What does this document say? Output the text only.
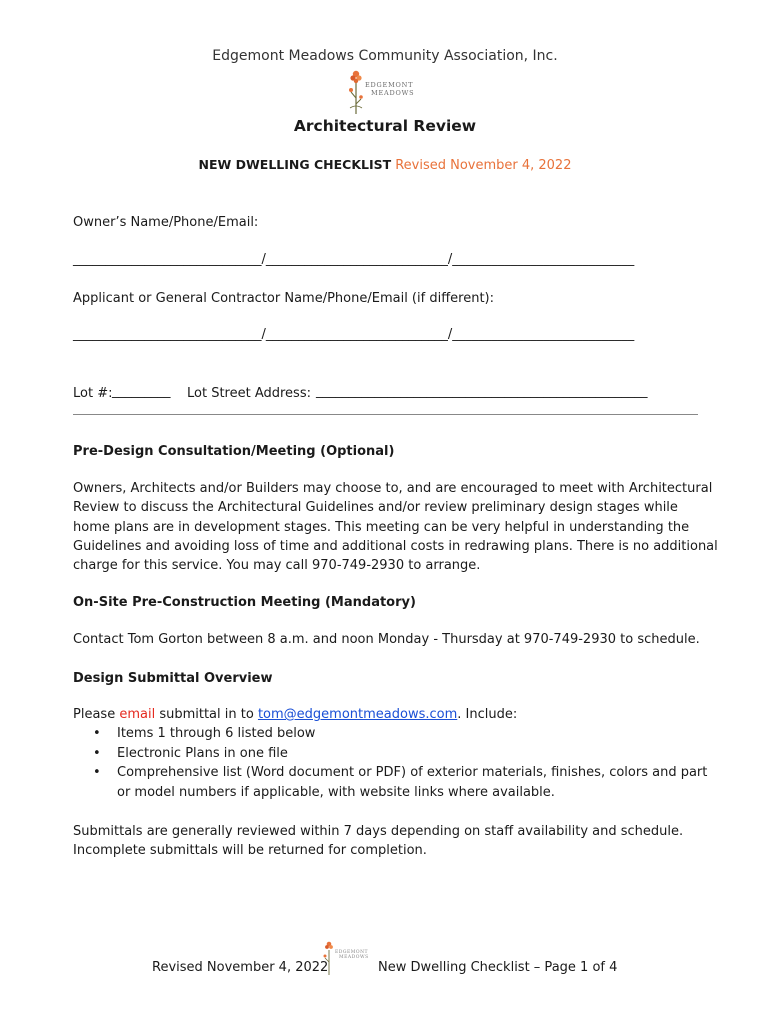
Edgemont Meadows Community Association, Inc.
EDGEMONT
MEADOWS
Architectural Review
NEW DWELLING CHECKLIST Revised November 4, 2022
Owner’s Name/Phone/Email:
_____________________________/____________________________/____________________________
Applicant or General Contractor Name/Phone/Email (if different):
_____________________________/____________________________/____________________________
Lot #: _________ Lot Street Address: ___________________________________________________
Pre-Design Consultation/Meeting (Optional)
Owners, Architects and/or Builders may choose to, and are encouraged to meet with Architectural
Review to discuss the Architectural Guidelines and/or review preliminary design stages while
home plans are in development stages. This meeting can be very helpful in understanding the
Guidelines and avoiding loss of time and additional costs in redrawing plans. There is no additional
charge for this service. You may call 970-749-2930 to arrange.
On-Site Pre-Construction Meeting (Mandatory)
Contact Tom Gorton between 8 a.m. and noon Monday - Thursday at 970-749-2930 to schedule.
Design Submittal Overview
Please email submittal in to tom@edgemontmeadows.com. Include:
•	Items 1 through 6 listed below
•	Electronic Plans in one file
•	Comprehensive list (Word document or PDF) of exterior materials, finishes, colors and part
or model numbers if applicable, with website links where available.
Submittals are generally reviewed within 7 days depending on staff availability and schedule.
Incomplete submittals will be returned for completion.
Revised November 4, 2022
EDGEMONT
MEADOWS
New Dwelling Checklist – Page 1 of 4
